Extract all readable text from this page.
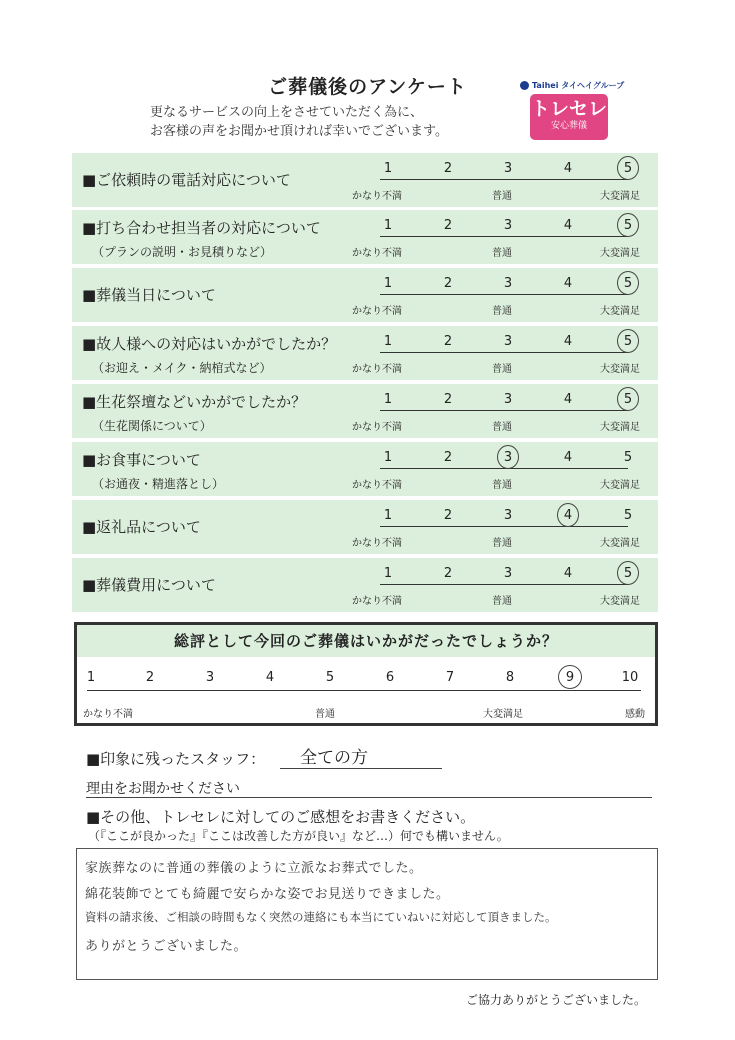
ご葬儀後のアンケート
更なるサービスの向上をさせていただく為に、
お客様の声をお聞かせ頂ければ幸いでございます。
Taihei タイヘイグループ
トレセレ
安心葬儀
■ご依頼時の電話対応について
1	2	3	4	5
かなり不満	普通	大変満足
■打ち合わせ担当者の対応について
（プランの説明・お見積りなど）
1	2	3	4	5
かなり不満	普通	大変満足
■葬儀当日について
1	2	3	4	5
かなり不満	普通	大変満足
■故人様への対応はいかがでしたか？
（お迎え・メイク・納棺式など）
1	2	3	4	5
かなり不満	普通	大変満足
■生花祭壇などいかがでしたか？
（生花関係について）
1	2	3	4	5
かなり不満	普通	大変満足
■お食事について
（お通夜・精進落とし）
1	2	3	4	5
かなり不満	普通	大変満足
■返礼品について
1	2	3	4	5
かなり不満	普通	大変満足
■葬儀費用について
1	2	3	4	5
かなり不満	普通	大変満足
総評として今回のご葬儀はいかがだったでしょうか？
1	2	3	4	5	6	7	8	9	10
かなり不満	普通	大変満足	感動
■印象に残ったスタッフ： 全ての方
理由をお聞かせください
■その他、トレセレに対してのご感想をお書きください。
（『ここが良かった』『ここは改善した方が良い』など…）何でも構いません。
家族葬なのに普通の葬儀のように立派なお葬式でした。
綿花装飾でとても綺麗で安らかな姿でお見送りできました。
資料の請求後、ご相談の時間もなく突然の連絡にも本当にていねいに対応して頂きました。
ありがとうございました。
ご協力ありがとうございました。
